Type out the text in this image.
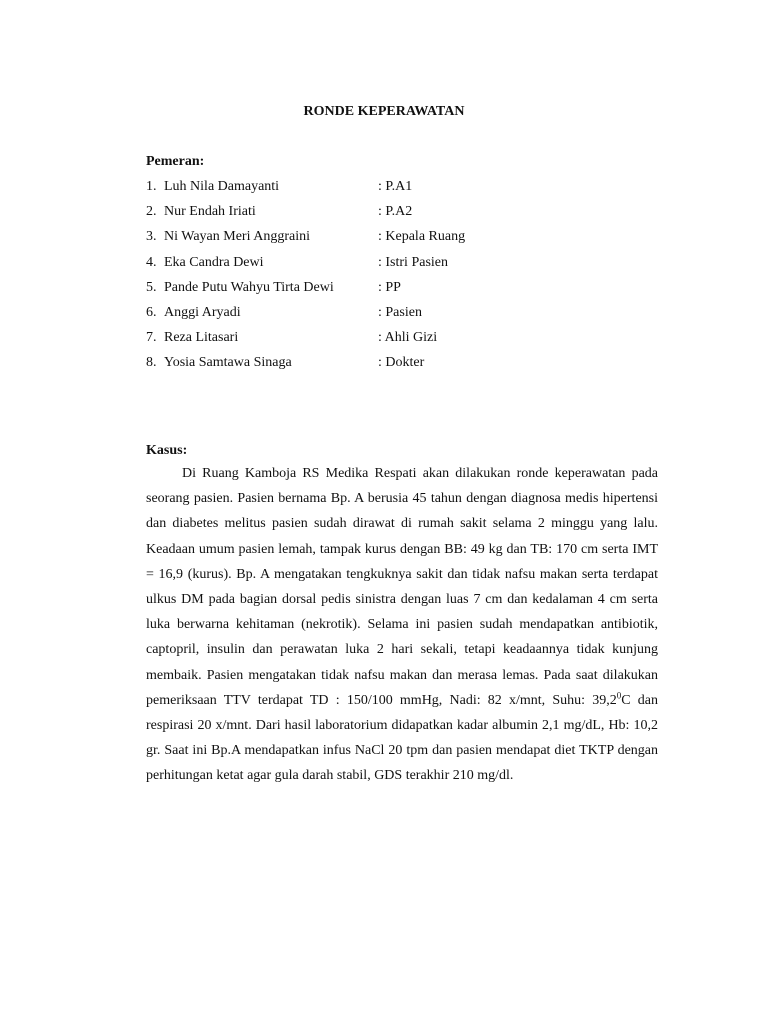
RONDE KEPERAWATAN
Pemeran:
1. Luh Nila Damayanti	: P.A1
2. Nur Endah Iriati	: P.A2
3. Ni Wayan Meri Anggraini	: Kepala Ruang
4. Eka Candra Dewi	: Istri Pasien
5. Pande Putu Wahyu Tirta Dewi	: PP
6. Anggi Aryadi	: Pasien
7. Reza Litasari	: Ahli Gizi
8. Yosia Samtawa Sinaga	: Dokter
Kasus:
Di Ruang Kamboja RS Medika Respati akan dilakukan ronde keperawatan pada seorang pasien. Pasien bernama Bp. A berusia 45 tahun dengan diagnosa medis hipertensi dan diabetes melitus pasien sudah dirawat di rumah sakit selama 2 minggu yang lalu. Keadaan umum pasien lemah, tampak kurus dengan BB: 49 kg dan TB: 170 cm serta IMT = 16,9 (kurus). Bp. A mengatakan tengkuknya sakit dan tidak nafsu makan serta terdapat ulkus DM pada bagian dorsal pedis sinistra dengan luas 7 cm dan kedalaman 4 cm serta luka berwarna kehitaman (nekrotik). Selama ini pasien sudah mendapatkan antibiotik, captopril, insulin dan perawatan luka 2 hari sekali, tetapi keadaannya tidak kunjung membaik. Pasien mengatakan tidak nafsu makan dan merasa lemas. Pada saat dilakukan pemeriksaan TTV terdapat TD : 150/100 mmHg, Nadi: 82 x/mnt, Suhu: 39,2$^0$C dan respirasi 20 x/mnt. Dari hasil laboratorium didapatkan kadar albumin 2,1 mg/dL, Hb: 10,2 gr. Saat ini Bp.A mendapatkan infus NaCl 20 tpm dan pasien mendapat diet TKTP dengan perhitungan ketat agar gula darah stabil, GDS terakhir 210 mg/dl.
